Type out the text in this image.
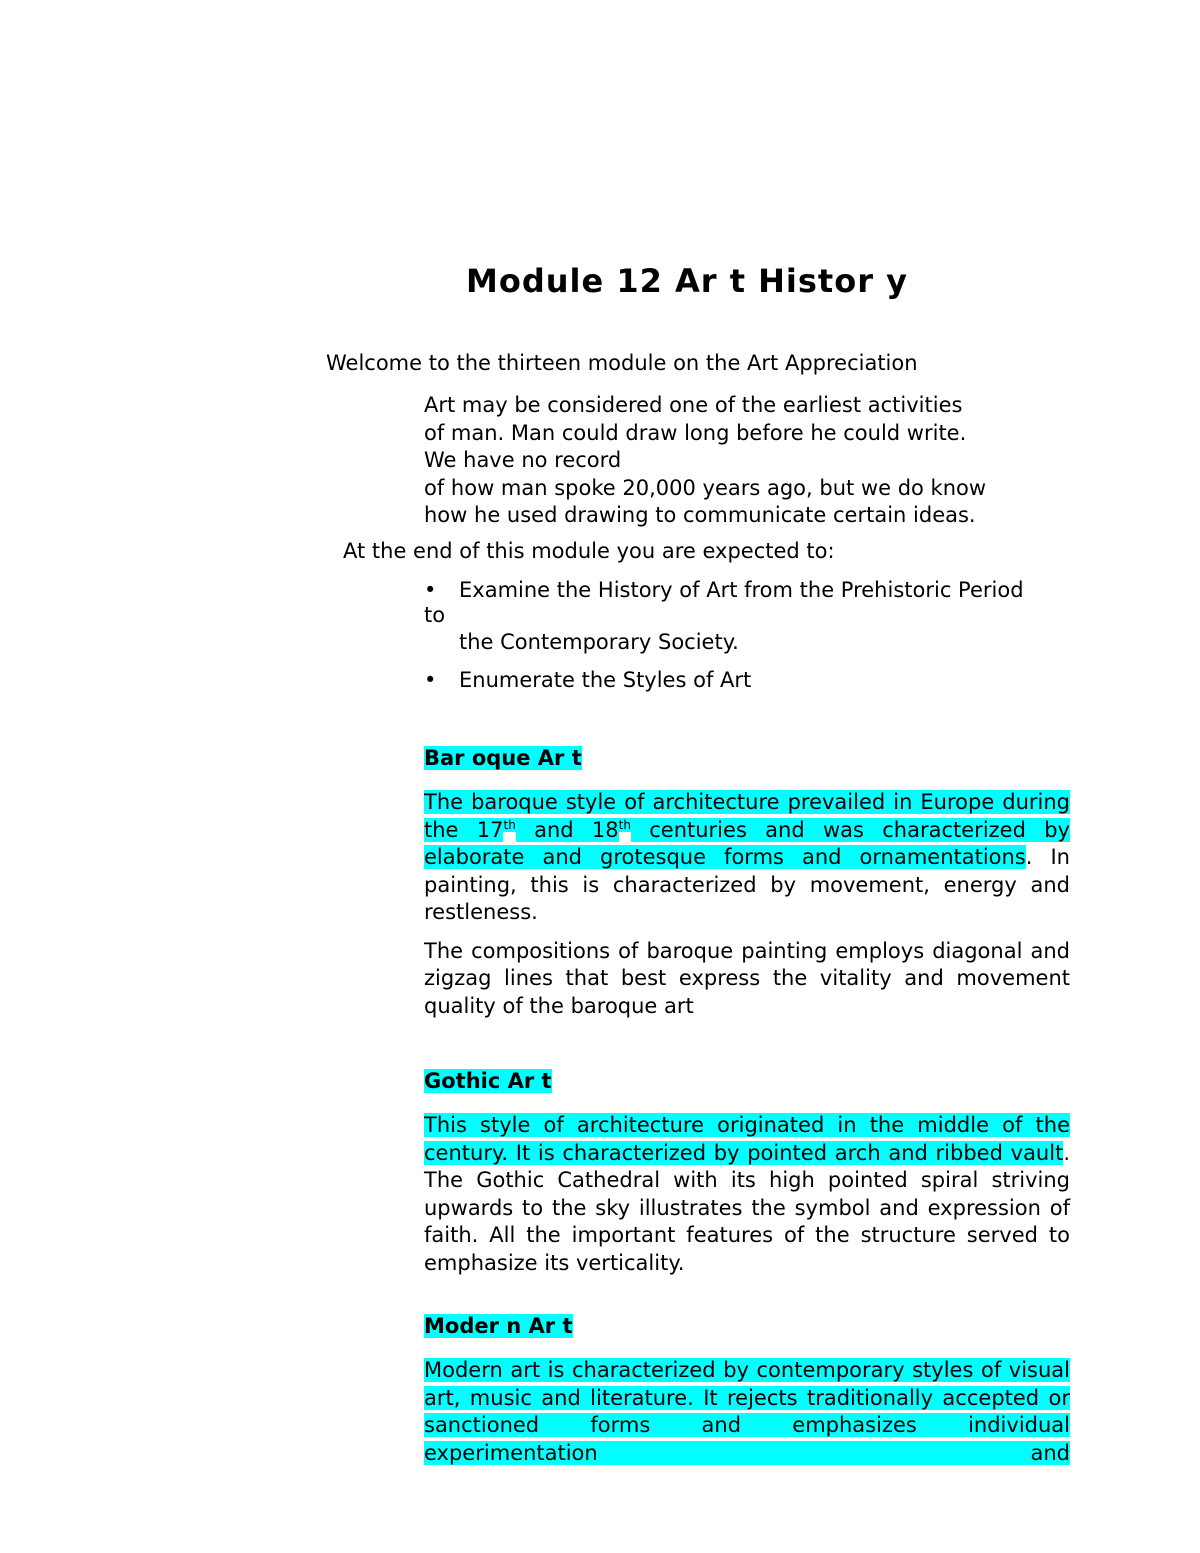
Module 12 Ar t Histor y
Welcome to the thirteen module on the Art Appreciation
Art may be considered one of the earliest activities
of man. Man could draw long before he could write.
We have no record
of how man spoke 20,000 years ago, but we do know
how he used drawing to communicate certain ideas.
At the end of this module you are expected to:
•	Examine the History of Art from the Prehistoric Period
to
the Contemporary Society.
•	Enumerate the Styles of Art
Bar oque Ar t

The baroque style of architecture prevailed in Europe during the 17th and 18th centuries and was characterized by elaborate and grotesque forms and ornamentations. In painting, this is characterized by movement, energy and restleness.

The compositions of baroque painting employs diagonal and zigzag lines that best express the vitality and movement quality of the baroque art

Gothic Ar t

This style of architecture originated in the middle of the century. It is characterized by pointed arch and ribbed vault. The Gothic Cathedral with its high pointed spiral striving upwards to the sky illustrates the symbol and expression of faith. All the important features of the structure served to emphasize its verticality.

Moder n Ar t

Modern art is characterized by contemporary styles of visual art, music and literature. It rejects traditionally accepted or sanctioned forms and emphasizes individual experimentation and
